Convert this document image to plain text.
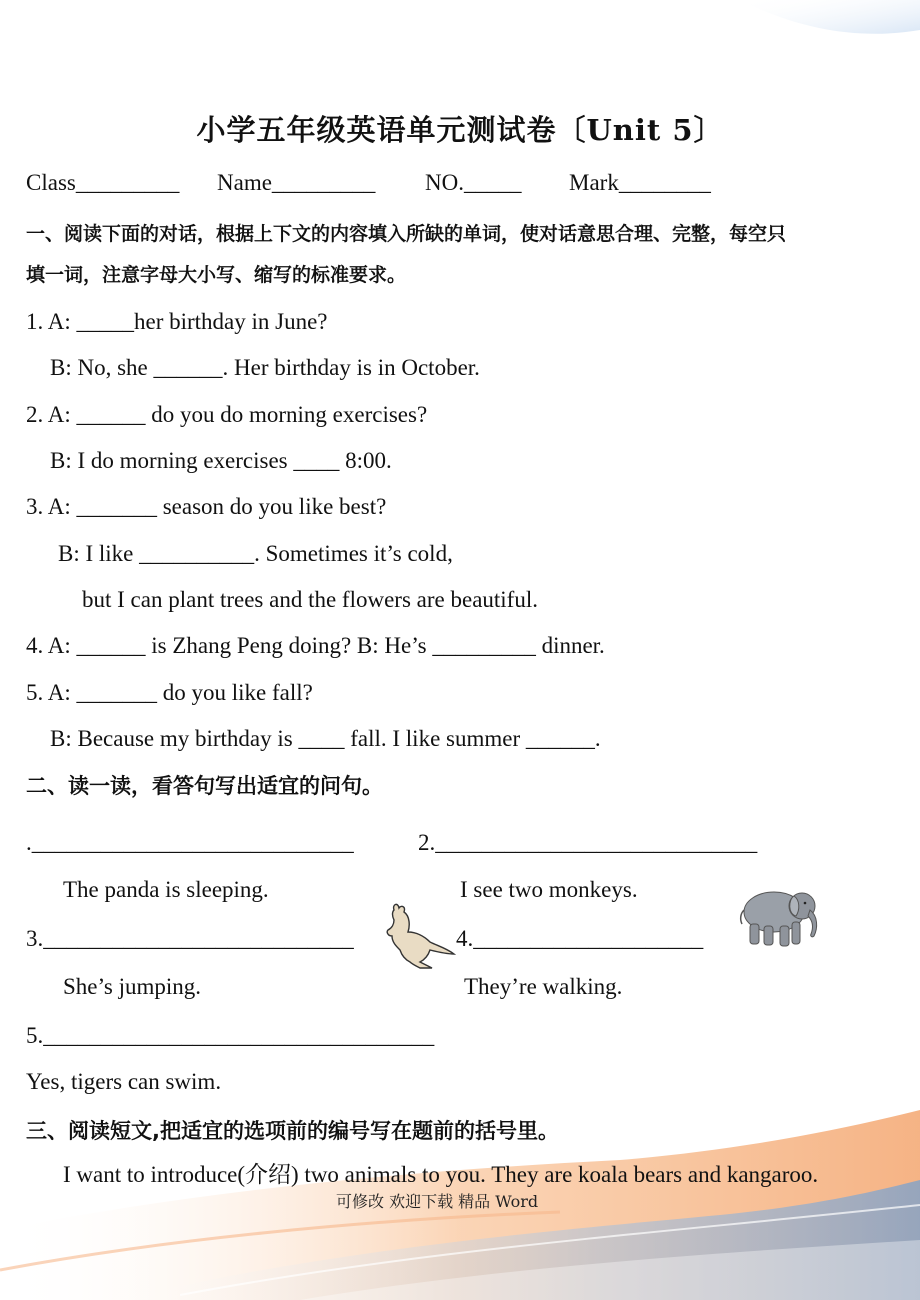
小学五年级英语单元测试卷〔Unit 5〕
Class_________ Name_________ NO._____ Mark________
一、阅读下面的对话，根据上下文的内容填入所缺的单词，使对话意思合理、完整，每空只
填一词，注意字母大小写、缩写的标准要求。
1. A: _____her birthday in June?
B: No, she ______. Her birthday is in October.
2. A: ______ do you do morning exercises?
B: I do morning exercises ____ 8:00.
3. A: _______ season do you like best?
B: I like __________. Sometimes it’s cold,
but I can plant trees and the flowers are beautiful.
4. A: ______ is Zhang Peng doing? B: He’s _________ dinner.
5. A: _______ do you like fall?
B: Because my birthday is ____ fall. I like summer ______.
二、读一读，看答句写出适宜的问句。
.____________________________	2.____________________________
The panda is sleeping.	I see two monkeys.
3.___________________________	4.____________________
She’s jumping.	They’re walking.
5.__________________________________
Yes, tigers can swim.
三、阅读短文,把适宜的选项前的编号写在题前的括号里。
I want to introduce(介绍) two animals to you. They are koala bears and kangaroo.
可修改 欢迎下载 精品 Word
